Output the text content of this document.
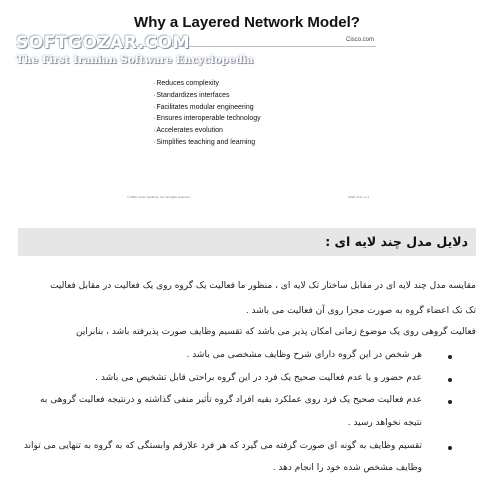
Why a Layered Network Model?
SOFTGOZAR.COM
The First Iranian Software Encyclopedia
Cisco.com
· Reduces complexity
· Standardizes interfaces
· Facilitates modular engineering
· Ensures interoperable technology
· Accelerates evolution
· Simplifies teaching and learning
© 2003, Cisco Systems, Inc. All rights reserved.	ICND v2.0—1-1
دلایل مدل چند لایه ای :
مقایسه مدل چند لایه ای در مقابل ساختار تک لایه ای ، منظور ما فعالیت یک گروه روی یک فعالیت در مقابل فعالیت
تک تک اعضاء گروه به صورت مجزا روی آن فعالیت می باشد .
فعالیت گروهی روی یک موضوع زمانی امکان پذیر می باشد که تقسیم وظایف صورت پذیرفته باشد ، بنابراین
هر شخص در این گروه دارای شرح وظایف مشخصی می باشد .
عدم حضور و یا عدم فعالیت صحیح یک فرد در این گروه براحتی قابل تشخیص می باشد .
عدم فعالیت صحیح یک فرد روی عملکرد بقیه افراد گروه تأثیر منفی گذاشته و درنتیجه فعالیت گروهی به
نتیجه نخواهد رسید .
تقسیم وظایف به گونه ای صورت گرفته می گیرد که هر فرد علارقم وابستگی که به گروه به تنهایی می تواند
وظایف مشخص شده خود را انجام دهد .
